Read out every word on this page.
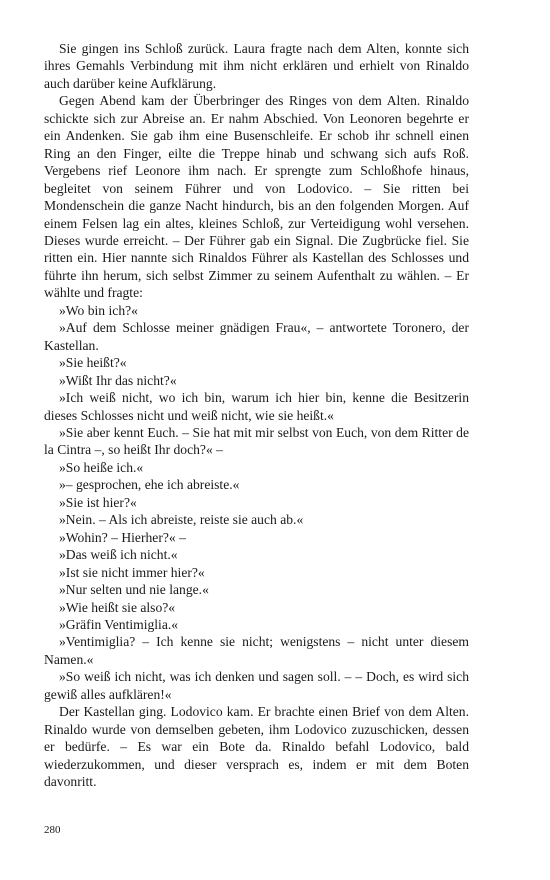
Sie gingen ins Schloß zurück. Laura fragte nach dem Alten, konnte sich ihres Gemahls Verbindung mit ihm nicht erklären und erhielt von Rinaldo auch darüber keine Aufklärung.

Gegen Abend kam der Überbringer des Ringes von dem Alten. Rinaldo schickte sich zur Abreise an. Er nahm Abschied. Von Leonoren begehrte er ein Andenken. Sie gab ihm eine Busenschleife. Er schob ihr schnell einen Ring an den Finger, eilte die Treppe hinab und schwang sich aufs Roß. Vergebens rief Leonore ihm nach. Er sprengte zum Schloßhofe hinaus, begleitet von seinem Führer und von Lodovico. – Sie ritten bei Mondenschein die ganze Nacht hindurch, bis an den folgenden Morgen. Auf einem Felsen lag ein altes, kleines Schloß, zur Verteidigung wohl versehen. Dieses wurde erreicht. – Der Führer gab ein Signal. Die Zugbrücke fiel. Sie ritten ein. Hier nannte sich Rinaldos Führer als Kastellan des Schlosses und führte ihn herum, sich selbst Zimmer zu seinem Aufenthalt zu wählen. – Er wählte und fragte:

»Wo bin ich?«

»Auf dem Schlosse meiner gnädigen Frau«, – antwortete Toronero, der Kastellan.

»Sie heißt?«

»Wißt Ihr das nicht?«

»Ich weiß nicht, wo ich bin, warum ich hier bin, kenne die Besitzerin dieses Schlosses nicht und weiß nicht, wie sie heißt.«

»Sie aber kennt Euch. – Sie hat mit mir selbst von Euch, von dem Ritter de la Cintra –, so heißt Ihr doch?« –

»So heiße ich.«

»– gesprochen, ehe ich abreiste.«

»Sie ist hier?«

»Nein. – Als ich abreiste, reiste sie auch ab.«

»Wohin? – Hierher?« –

»Das weiß ich nicht.«

»Ist sie nicht immer hier?«

»Nur selten und nie lange.«

»Wie heißt sie also?«

»Gräfin Ventimiglia.«

»Ventimiglia? – Ich kenne sie nicht; wenigstens – nicht unter diesem Namen.«

»So weiß ich nicht, was ich denken und sagen soll. – – Doch, es wird sich gewiß alles aufklären!«

Der Kastellan ging. Lodovico kam. Er brachte einen Brief von dem Alten. Rinaldo wurde von demselben gebeten, ihm Lodovico zuzuschicken, dessen er bedürfe. – Es war ein Bote da. Rinaldo befahl Lodovico, bald wiederzukommen, und dieser versprach es, indem er mit dem Boten davonritt.

280
